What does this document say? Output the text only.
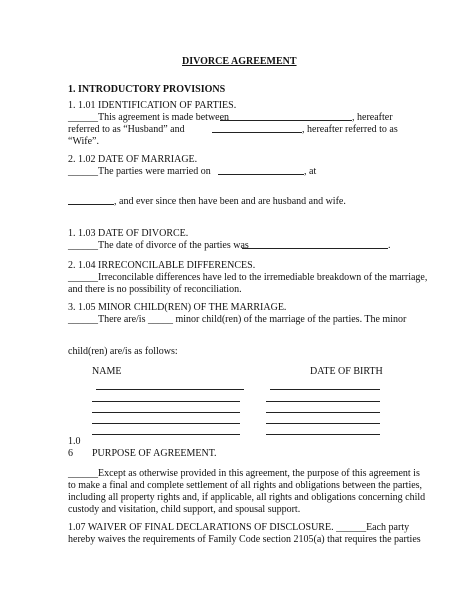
DIVORCE AGREEMENT
1. INTRODUCTORY PROVISIONS
1. 1.01 IDENTIFICATION OF PARTIES.
______This agreement is made between	, hereafter
referred to as “Husband” and	, hereafter referred to as
“Wife”.
2. 1.02 DATE OF MARRIAGE.
______The parties were married on	, at
, and ever since then have been and are husband and wife.
1. 1.03 DATE OF DIVORCE.
______The date of divorce of the parties was	.
2. 1.04 IRRECONCILABLE DIFFERENCES.
______Irreconcilable differences have led to the irremediable breakdown of the marriage,
and there is no possibility of reconciliation.
3. 1.05 MINOR CHILD(REN) OF THE MARRIAGE.
______There are/is _____ minor child(ren) of the marriage of the parties. The minor
child(ren) are/is as follows:
NAME	DATE OF BIRTH
1.0
6 PURPOSE OF AGREEMENT.
______Except as otherwise provided in this agreement, the purpose of this agreement is
to make a final and complete settlement of all rights and obligations between the parties,
including all property rights and, if applicable, all rights and obligations concerning child
custody and visitation, child support, and spousal support.
1.07 WAIVER OF FINAL DECLARATIONS OF DISCLOSURE. ______Each party
hereby waives the requirements of Family Code section 2105(a) that requires the parties
